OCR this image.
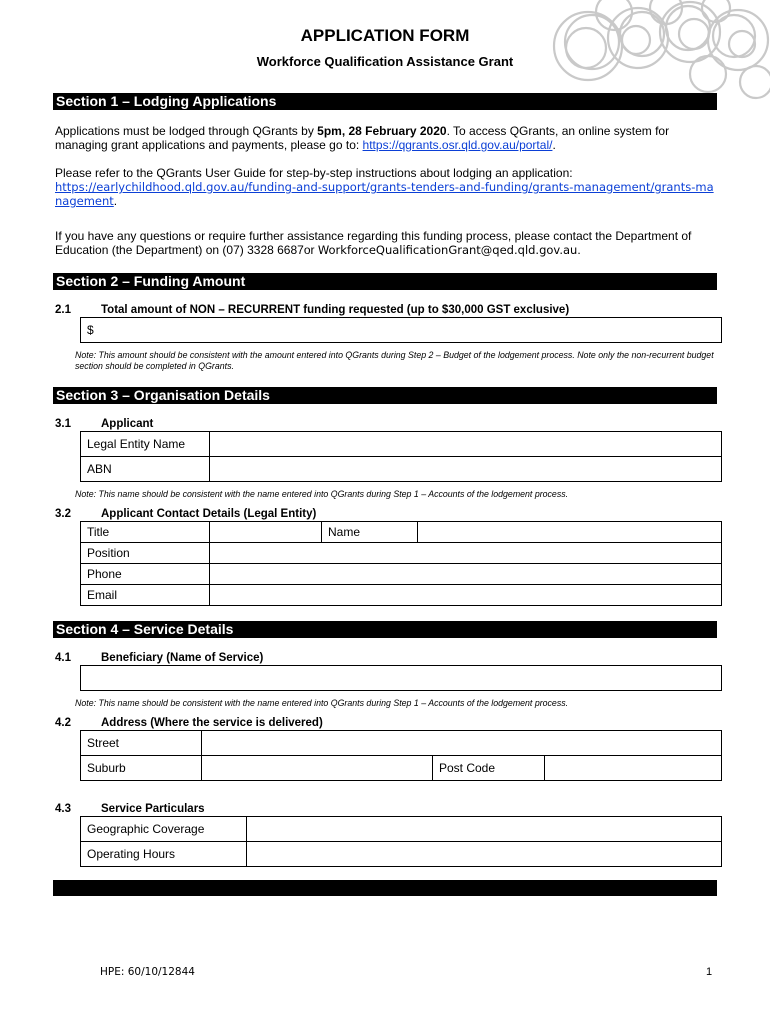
APPLICATION FORM
Workforce Qualification Assistance Grant
Section 1 – Lodging Applications
Applications must be lodged through QGrants by 5pm, 28 February 2020. To access QGrants, an online system for managing grant applications and payments, please go to: https://qgrants.osr.qld.gov.au/portal/.
Please refer to the QGrants User Guide for step-by-step instructions about lodging an application:
https://earlychildhood.qld.gov.au/funding-and-support/grants-tenders-and-funding/grants-management/grants-management.
If you have any questions or require further assistance regarding this funding process, please contact the Department of Education (the Department) on (07) 3328 6687or WorkforceQualificationGrant@qed.qld.gov.au.
Section 2 – Funding Amount
2.1	Total amount of NON – RECURRENT funding requested (up to $30,000 GST exclusive)
$
Note: This amount should be consistent with the amount entered into QGrants during Step 2 – Budget of the lodgement process. Note only the non-recurrent budget section should be completed in QGrants.
Section 3 – Organisation Details
3.1	Applicant
Legal Entity Name	
ABN	
Note: This name should be consistent with the name entered into QGrants during Step 1 – Accounts of the lodgement process.
3.2	Applicant Contact Details (Legal Entity)
Title		Name	
Position			
Phone			
Email			
Section 4 – Service Details
4.1	Beneficiary (Name of Service)
Note: This name should be consistent with the name entered into QGrants during Step 1 – Accounts of the lodgement process.
4.2	Address (Where the service is delivered)
Street			
Suburb		Post Code	
4.3	Service Particulars
Geographic Coverage	
Operating Hours	
HPE: 60/10/12844	1
